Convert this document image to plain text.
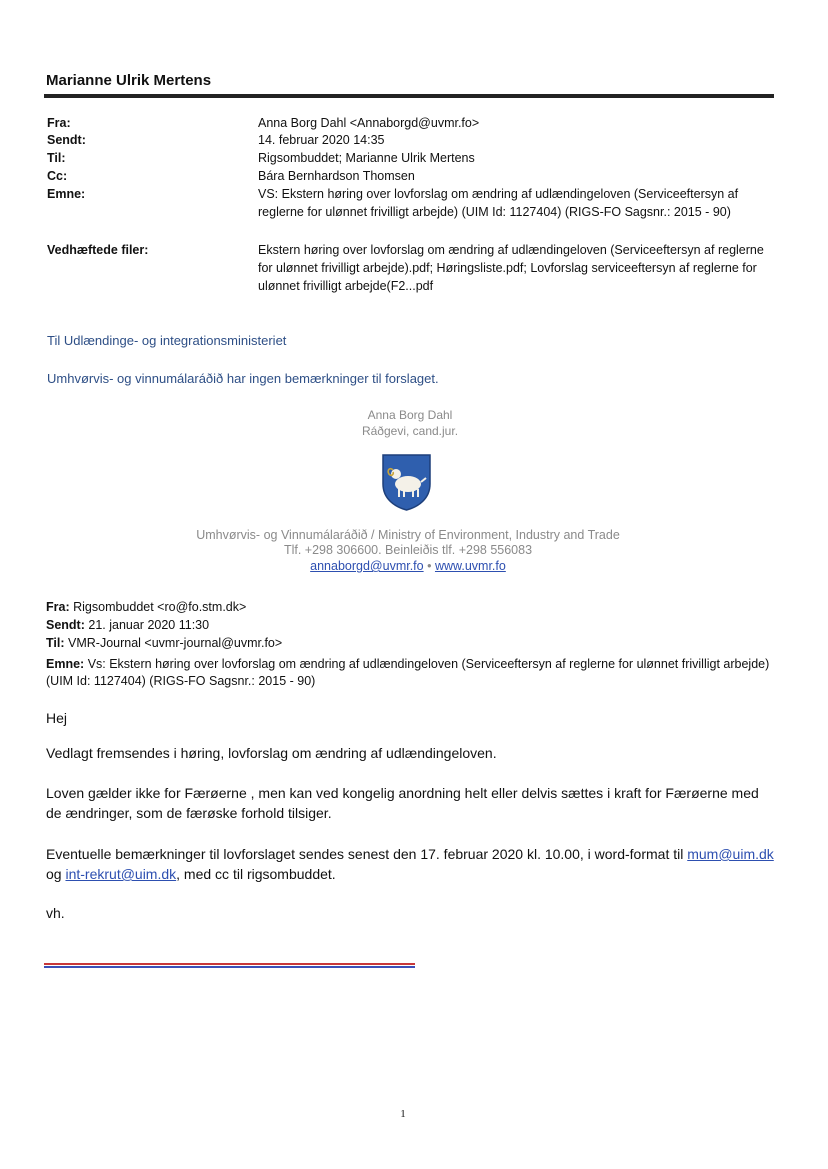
Marianne Ulrik Mertens
Fra:	Anna Borg Dahl <Annaborgd@uvmr.fo>
Sendt:	14. februar 2020 14:35
Til:	Rigsombuddet; Marianne Ulrik Mertens
Cc:	Bára Bernhardson Thomsen
Emne:	VS: Ekstern høring over lovforslag om ændring af udlændingeloven (Serviceeftersyn af reglerne for ulønnet frivilligt arbejde) (UIM Id: 1127404) (RIGS-FO Sagsnr.: 2015 - 90)
Vedhæftede filer:	Ekstern høring over lovforslag om ændring af udlændingeloven (Serviceeftersyn af reglerne for ulønnet frivilligt arbejde).pdf; Høringsliste.pdf; Lovforslag serviceeftersyn af reglerne for ulønnet frivilligt arbejde(F2...pdf
Til Udlændinge- og integrationsministeriet
Umhvørvis- og vinnumálaráðið har ingen bemærkninger til forslaget.
Anna Borg Dahl
Ráðgevi, cand.jur.
Umhvørvis- og Vinnumálaráðið / Ministry of Environment, Industry and Trade
Tlf. +298 306600. Beinleiðis tlf. +298 556083
annaborgd@uvmr.fo • www.uvmr.fo
Fra: Rigsombuddet <ro@fo.stm.dk>
Sendt: 21. januar 2020 11:30
Til: VMR-Journal <uvmr-journal@uvmr.fo>
Emne: Vs: Ekstern høring over lovforslag om ændring af udlændingeloven (Serviceeftersyn af reglerne for ulønnet frivilligt arbejde) (UIM Id: 1127404) (RIGS-FO Sagsnr.: 2015 - 90)
Hej
Vedlagt fremsendes i høring, lovforslag om ændring af udlændingeloven.
Loven gælder ikke for Færøerne , men kan ved kongelig anordning helt eller delvis sættes i kraft for Færøerne med de ændringer, som de færøske forhold tilsiger.
Eventuelle bemærkninger til lovforslaget sendes senest den 17. februar 2020 kl. 10.00, i word-format til mum@uim.dk og int-rekrut@uim.dk, med cc til rigsombuddet.
vh.
1
